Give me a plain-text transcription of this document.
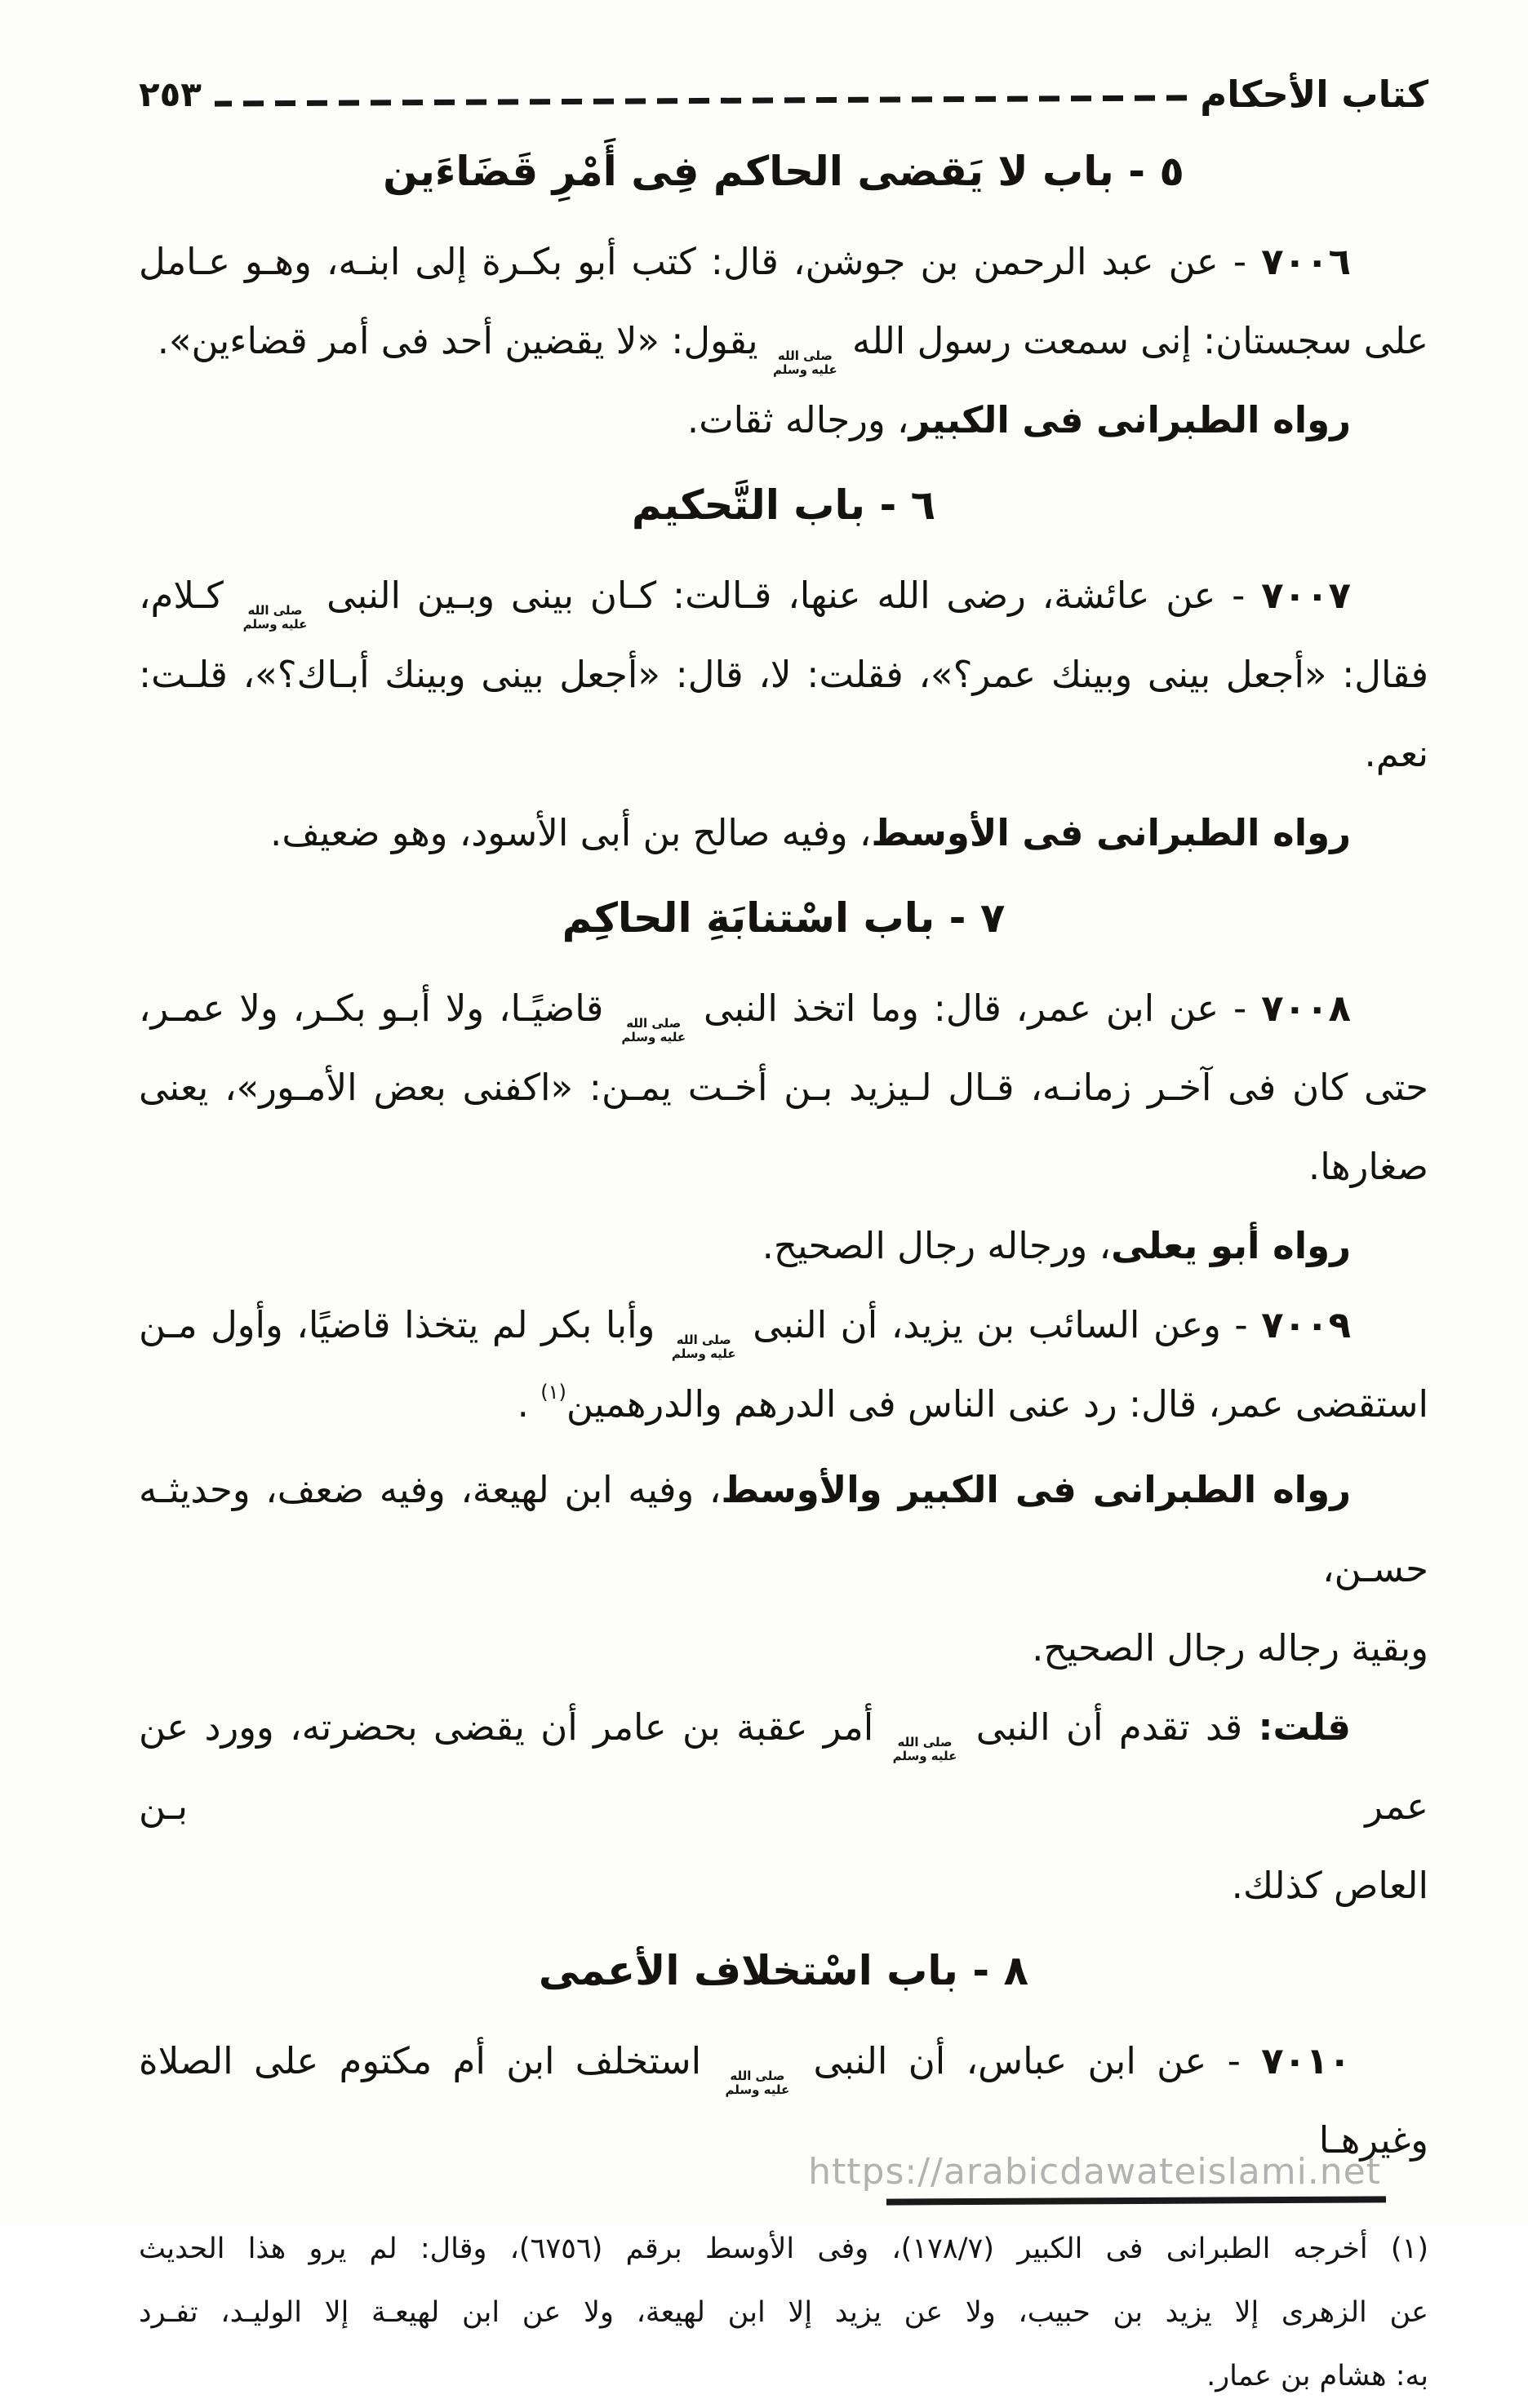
كتاب الأحكام
٢٥٣
٥ - باب لا يَقضى الحاكم فِى أَمْرِ قَضَاءَين
٧٠٠٦ - عن عبد الرحمن بن جوشن، قال: كتب أبو بكـرة إلى ابنـه، وهـو عـامل
على سجستان: إنى سمعت رسول الله
صلى الله
عليه وسلم
يقول: «لا يقضين أحد فى أمر قضاءين».
رواه الطبرانى فى الكبير، ورجاله ثقات.
٦ - باب التَّحكيم
٧٠٠٧ - عن عائشة، رضى الله عنها، قـالت: كـان بينى وبـين النبى
صلى الله
عليه وسلم
كـلام،
فقال: «أجعل بينى وبينك عمر؟»، فقلت: لا، قال: «أجعل بينى وبينك أبـاك؟»، قلـت:
نعم.
رواه الطبرانى فى الأوسط، وفيه صالح بن أبى الأسود، وهو ضعيف.
٧ - باب اسْتنابَةِ الحاكِم
٧٠٠٨ - عن ابن عمر، قال: وما اتخذ النبى
صلى الله
عليه وسلم
قاضيًـا، ولا أبـو بكـر، ولا عمـر،
حتى كان فى آخـر زمانـه، قـال لـيزيد بـن أخـت يمـن: «اكفنى بعض الأمـور»، يعنى
صغارها.
رواه أبو يعلى، ورجاله رجال الصحيح.
٧٠٠٩ - وعن السائب بن يزيد، أن النبى
صلى الله
عليه وسلم
وأبا بكر لم يتخذا قاضيًا، وأول مـن
استقضى عمر، قال: رد عنى الناس فى الدرهم والدرهمين$^{(١)}$ .
رواه الطبرانى فى الكبير والأوسط، وفيه ابن لهيعة، وفيه ضعف، وحديثـه حسـن،
وبقية رجاله رجال الصحيح.
قلت: قد تقدم أن النبى
صلى الله
عليه وسلم
أمر عقبة بن عامر أن يقضى بحضرته، وورد عن عمر بـن
العاص كذلك.
٨ - باب اسْتخلاف الأعمى
٧٠١٠ - عن ابن عباس، أن النبى
صلى الله
عليه وسلم
استخلف ابن أم مكتوم على الصلاة وغيرهـا
(١) أخرجه الطبرانى فى الكبير (١٧٨/٧)، وفى الأوسط برقم (٦٧٥٦)، وقال: لم يرو هذا الحديث
عن الزهرى إلا يزيد بن حبيب، ولا عن يزيد إلا ابن لهيعة، ولا عن ابن لهيعـة إلا الوليـد، تفـرد
به: هشام بن عمار.
https://arabicdawateislami.net
